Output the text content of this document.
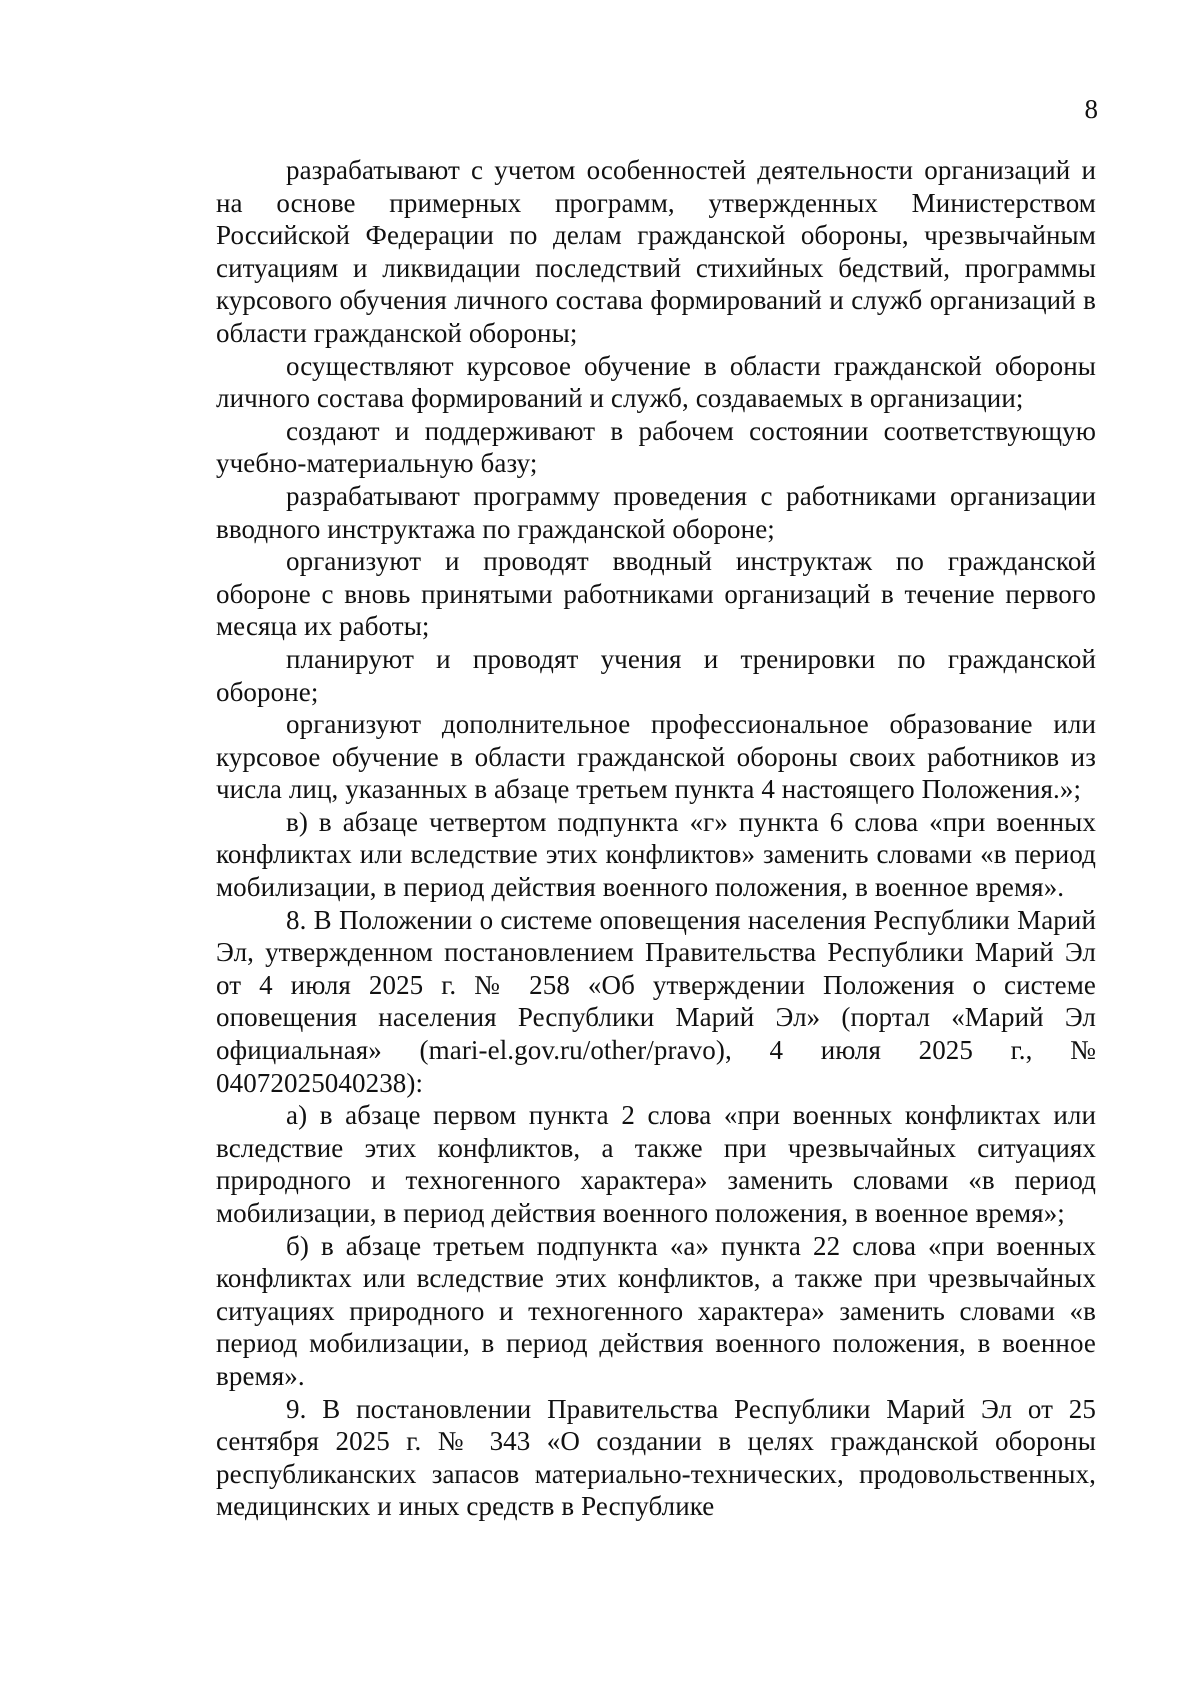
8

разрабатывают с учетом особенностей деятельности организаций и на основе примерных программ, утвержденных Министерством Российской Федерации по делам гражданской обороны, чрезвычайным ситуациям и ликвидации последствий стихийных бедствий, программы курсового обучения личного состава формирований и служб организаций в области гражданской обороны;

осуществляют курсовое обучение в области гражданской обороны личного состава формирований и служб, создаваемых в организации;

создают и поддерживают в рабочем состоянии соответствующую учебно-материальную базу;

разрабатывают программу проведения с работниками организации вводного инструктажа по гражданской обороне;

организуют и проводят вводный инструктаж по гражданской обороне с вновь принятыми работниками организаций в течение первого месяца их работы;

планируют и проводят учения и тренировки по гражданской обороне;

организуют дополнительное профессиональное образование или курсовое обучение в области гражданской обороны своих работников из числа лиц, указанных в абзаце третьем пункта 4 настоящего Положения.»;

в) в абзаце четвертом подпункта «г» пункта 6 слова «при военных конфликтах или вследствие этих конфликтов» заменить словами «в период мобилизации, в период действия военного положения, в военное время».

8. В Положении о системе оповещения населения Республики Марий Эл, утвержденном постановлением Правительства Республики Марий Эл от 4 июля 2025 г. № 258 «Об утверждении Положения о системе оповещения населения Республики Марий Эл» (портал «Марий Эл официальная» (mari-el.gov.ru/other/pravo), 4 июля 2025 г., № 04072025040238):

а) в абзаце первом пункта 2 слова «при военных конфликтах или вследствие этих конфликтов, а также при чрезвычайных ситуациях природного и техногенного характера» заменить словами «в период мобилизации, в период действия военного положения, в военное время»;

б) в абзаце третьем подпункта «а» пункта 22 слова «при военных конфликтах или вследствие этих конфликтов, а также при чрезвычайных ситуациях природного и техногенного характера» заменить словами «в период мобилизации, в период действия военного положения, в военное время».

9. В постановлении Правительства Республики Марий Эл от 25 сентября 2025 г. № 343 «О создании в целях гражданской обороны республиканских запасов материально-технических, продовольственных, медицинских и иных средств в Республике
